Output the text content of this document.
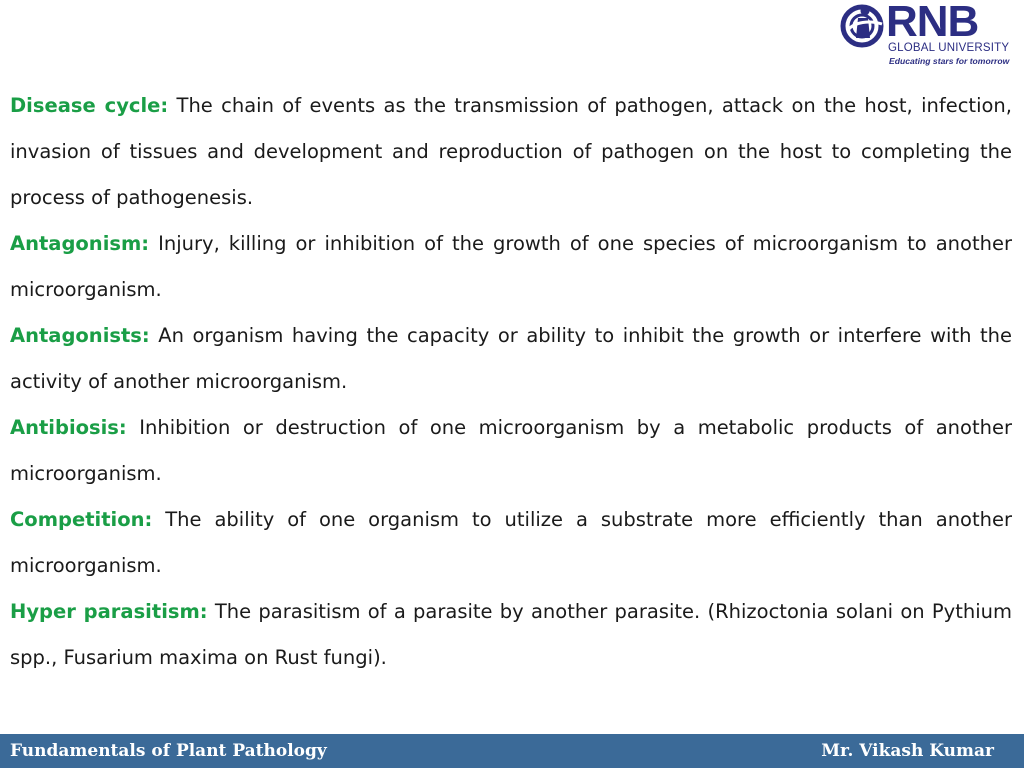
RNB
GLOBAL UNIVERSITY
Educating stars for tomorrow

Disease cycle: The chain of events as the transmission of pathogen, attack on the host, infection, invasion of tissues and development and reproduction of pathogen on the host to completing the process of pathogenesis.

Antagonism: Injury, killing or inhibition of the growth of one species of microorganism to another microorganism.

Antagonists: An organism having the capacity or ability to inhibit the growth or interfere with the activity of another microorganism.

Antibiosis: Inhibition or destruction of one microorganism by a metabolic products of another microorganism.

Competition: The ability of one organism to utilize a substrate more efficiently than another microorganism.

Hyper parasitism: The parasitism of a parasite by another parasite. (Rhizoctonia solani on Pythium spp., Fusarium maxima on Rust fungi).

Fundamentals of Plant Pathology	Mr. Vikash Kumar
